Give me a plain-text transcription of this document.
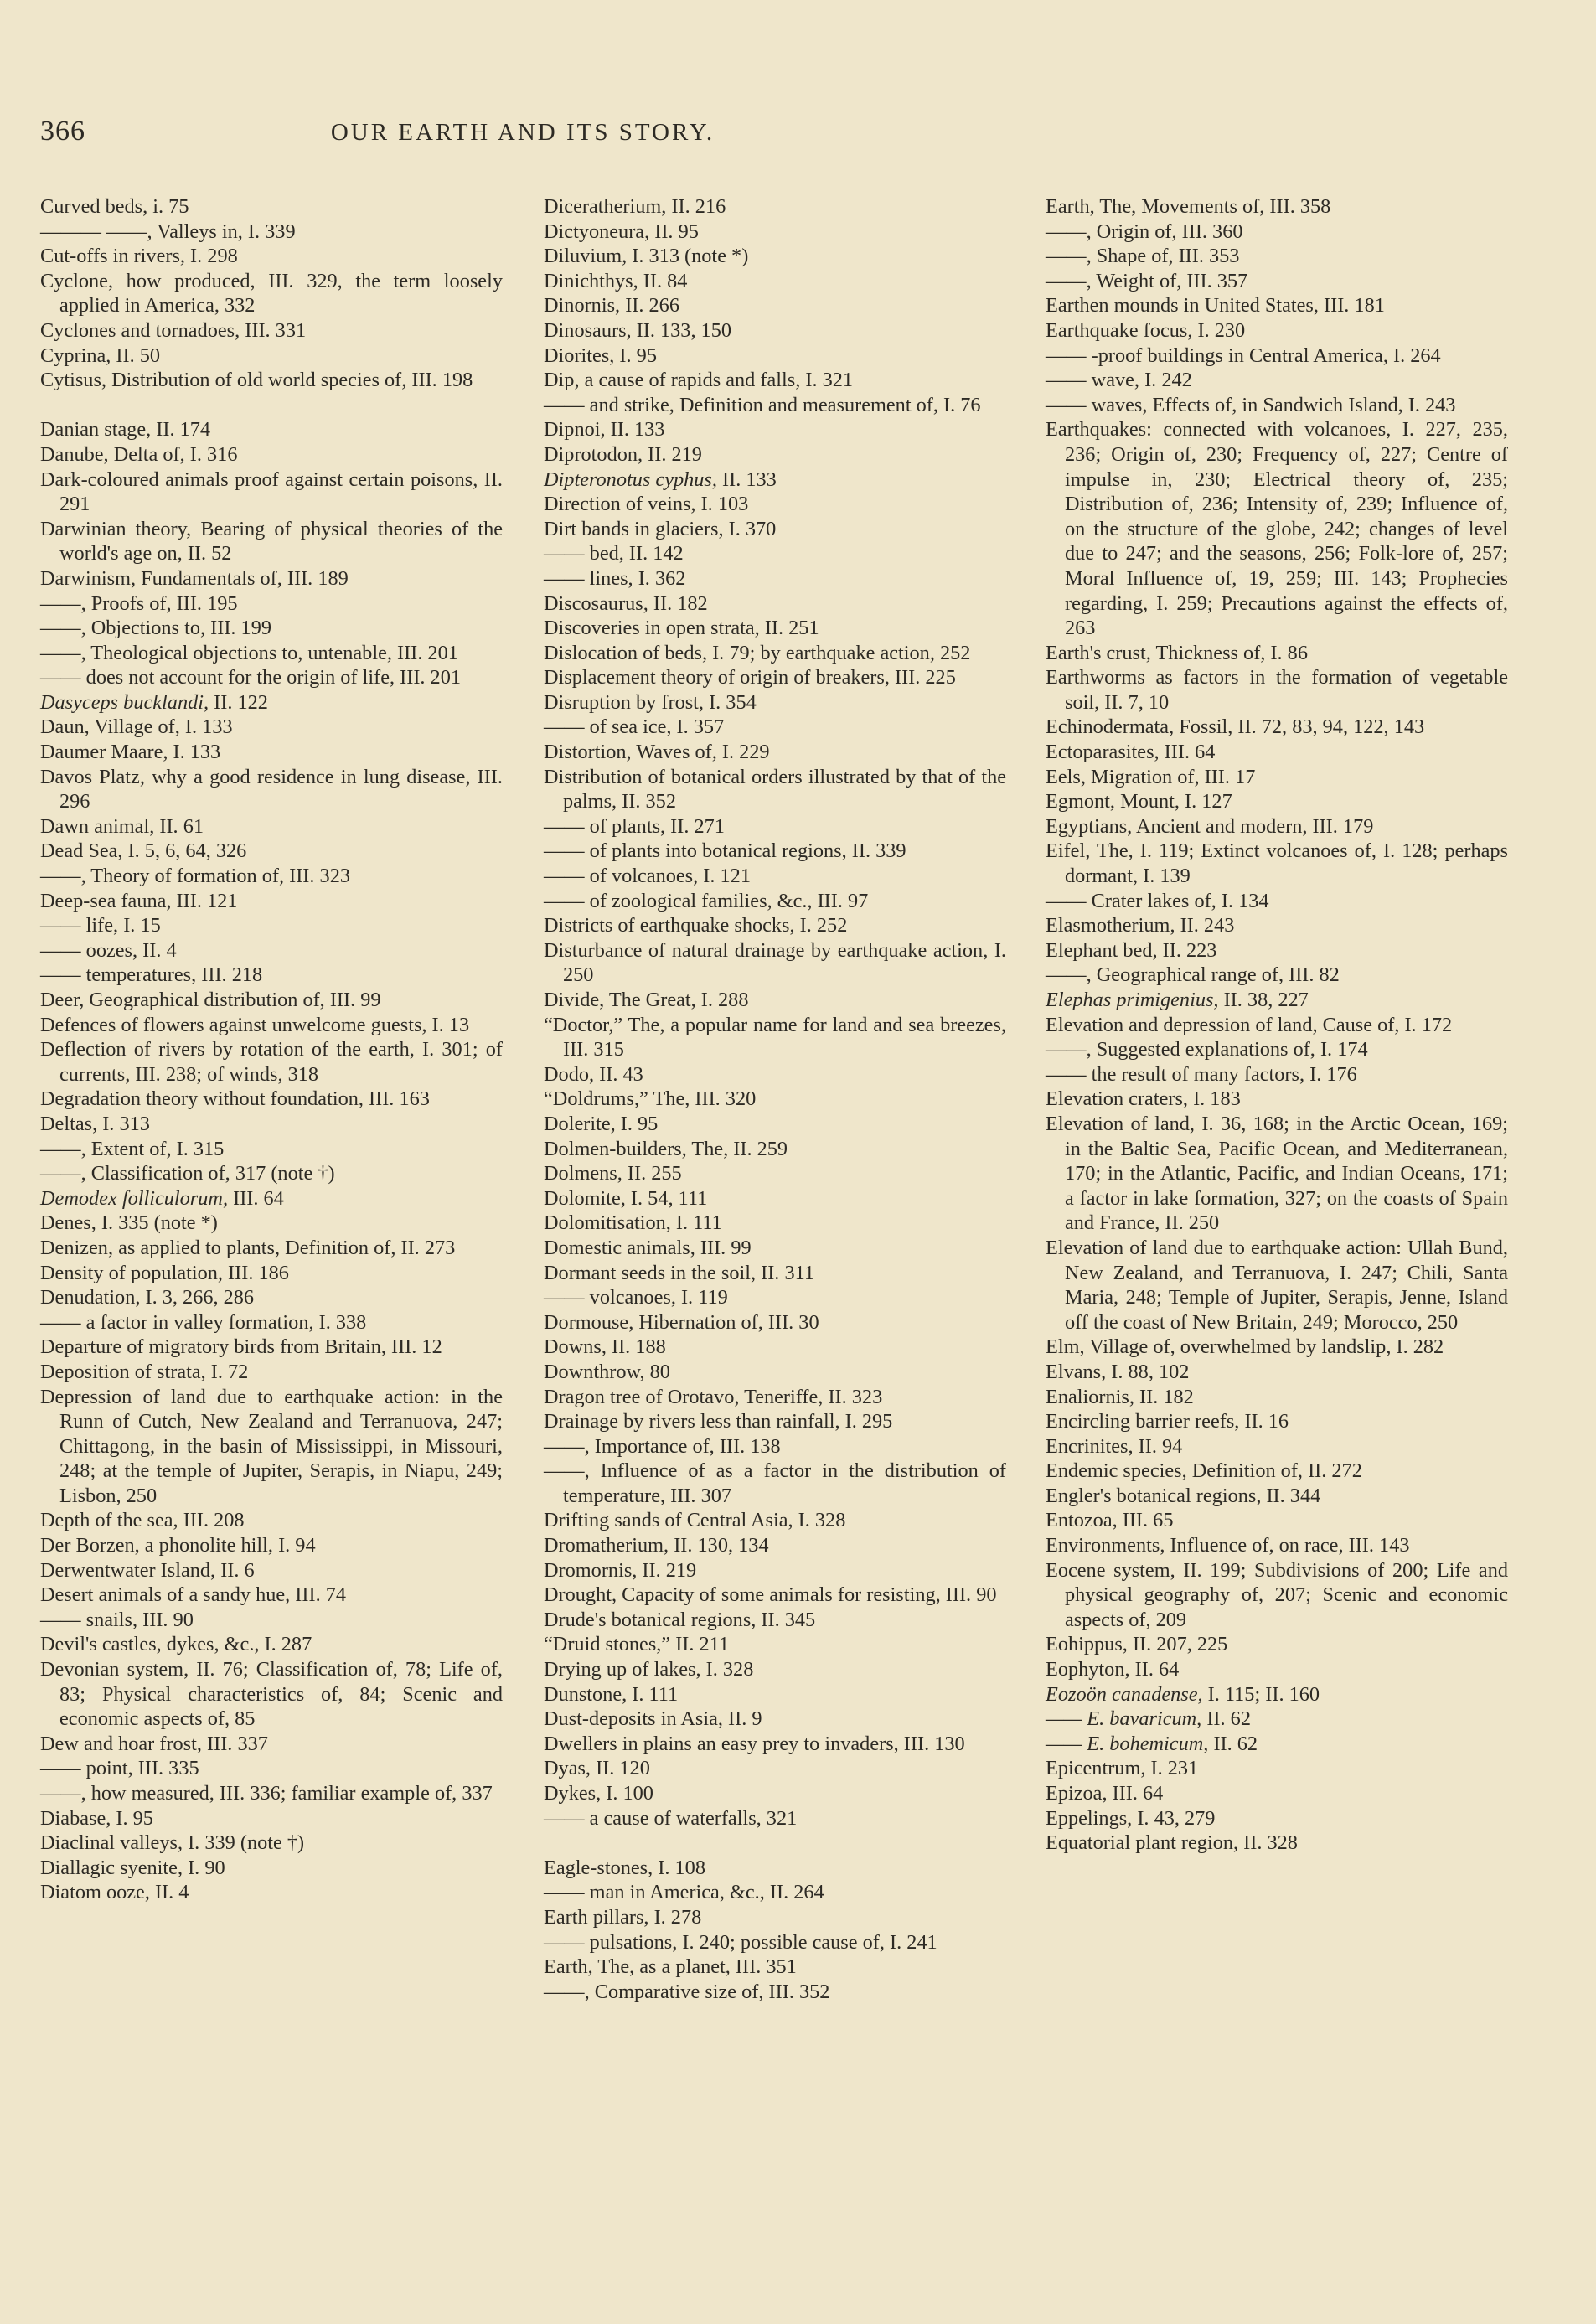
366	OUR EARTH AND ITS STORY.
Curved beds, i. 75
——— ——, Valleys in, I. 339
Cut-offs in rivers, I. 298
Cyclone, how produced, III. 329, the term loosely applied in America, 332
Cyclones and tornadoes, III. 331
Cyprina, II. 50
Cytisus, Distribution of old world species of, III. 198
Danian stage, II. 174
Danube, Delta of, I. 316
Dark-coloured animals proof against certain poisons, II. 291
Darwinian theory, Bearing of physical theories of the world's age on, II. 52
Darwinism, Fundamentals of, III. 189
——, Proofs of, III. 195
——, Objections to, III. 199
——, Theological objections to, untenable, III. 201
—— does not account for the origin of life, III. 201
Dasyceps bucklandi, II. 122
Daun, Village of, I. 133
Daumer Maare, I. 133
Davos Platz, why a good residence in lung disease, III. 296
Dawn animal, II. 61
Dead Sea, I. 5, 6, 64, 326
——, Theory of formation of, III. 323
Deep-sea fauna, III. 121
—— life, I. 15
—— oozes, II. 4
—— temperatures, III. 218
Deer, Geographical distribution of, III. 99
Defences of flowers against unwelcome guests, I. 13
Deflection of rivers by rotation of the earth, I. 301; of currents, III. 238; of winds, 318
Degradation theory without foundation, III. 163
Deltas, I. 313
——, Extent of, I. 315
——, Classification of, 317 (note †)
Demodex folliculorum, III. 64
Denes, I. 335 (note *)
Denizen, as applied to plants, Definition of, II. 273
Density of population, III. 186
Denudation, I. 3, 266, 286
—— a factor in valley formation, I. 338
Departure of migratory birds from Britain, III. 12
Deposition of strata, I. 72
Depression of land due to earthquake action: in the Runn of Cutch, New Zealand and Terranuova, 247; Chittagong, in the basin of Mississippi, in Missouri, 248; at the temple of Jupiter, Serapis, in Niapu, 249; Lisbon, 250
Depth of the sea, III. 208
Der Borzen, a phonolite hill, I. 94
Derwentwater Island, II. 6
Desert animals of a sandy hue, III. 74
—— snails, III. 90
Devil's castles, dykes, &c., I. 287
Devonian system, II. 76; Classification of, 78; Life of, 83; Physical characteristics of, 84; Scenic and economic aspects of, 85
Dew and hoar frost, III. 337
—— point, III. 335
——, how measured, III. 336; familiar example of, 337
Diabase, I. 95
Diaclinal valleys, I. 339 (note †)
Diallagic syenite, I. 90
Diatom ooze, II. 4
Diceratherium, II. 216
Dictyoneura, II. 95
Diluvium, I. 313 (note *)
Dinichthys, II. 84
Dinornis, II. 266
Dinosaurs, II. 133, 150
Diorites, I. 95
Dip, a cause of rapids and falls, I. 321
—— and strike, Definition and measurement of, I. 76
Dipnoi, II. 133
Diprotodon, II. 219
Dipteronotus cyphus, II. 133
Direction of veins, I. 103
Dirt bands in glaciers, I. 370
—— bed, II. 142
—— lines, I. 362
Discosaurus, II. 182
Discoveries in open strata, II. 251
Dislocation of beds, I. 79; by earthquake action, 252
Displacement theory of origin of breakers, III. 225
Disruption by frost, I. 354
—— of sea ice, I. 357
Distortion, Waves of, I. 229
Distribution of botanical orders illustrated by that of the palms, II. 352
—— of plants, II. 271
—— of plants into botanical regions, II. 339
—— of volcanoes, I. 121
—— of zoological families, &c., III. 97
Districts of earthquake shocks, I. 252
Disturbance of natural drainage by earthquake action, I. 250
Divide, The Great, I. 288
“Doctor,” The, a popular name for land and sea breezes, III. 315
Dodo, II. 43
“Doldrums,” The, III. 320
Dolerite, I. 95
Dolmen-builders, The, II. 259
Dolmens, II. 255
Dolomite, I. 54, 111
Dolomitisation, I. 111
Domestic animals, III. 99
Dormant seeds in the soil, II. 311
—— volcanoes, I. 119
Dormouse, Hibernation of, III. 30
Downs, II. 188
Downthrow, 80
Dragon tree of Orotavo, Teneriffe, II. 323
Drainage by rivers less than rainfall, I. 295
——, Importance of, III. 138
——, Influence of as a factor in the distribution of temperature, III. 307
Drifting sands of Central Asia, I. 328
Dromatherium, II. 130, 134
Dromornis, II. 219
Drought, Capacity of some animals for resisting, III. 90
Drude's botanical regions, II. 345
“Druid stones,” II. 211
Drying up of lakes, I. 328
Dunstone, I. 111
Dust-deposits in Asia, II. 9
Dwellers in plains an easy prey to invaders, III. 130
Dyas, II. 120
Dykes, I. 100
—— a cause of waterfalls, 321
Eagle-stones, I. 108
—— man in America, &c., II. 264
Earth pillars, I. 278
—— pulsations, I. 240; possible cause of, I. 241
Earth, The, as a planet, III. 351
——, Comparative size of, III. 352
Earth, The, Movements of, III. 358
——, Origin of, III. 360
——, Shape of, III. 353
——, Weight of, III. 357
Earthen mounds in United States, III. 181
Earthquake focus, I. 230
—— -proof buildings in Central America, I. 264
—— wave, I. 242
—— waves, Effects of, in Sandwich Island, I. 243
Earthquakes: connected with volcanoes, I. 227, 235, 236; Origin of, 230; Frequency of, 227; Centre of impulse in, 230; Electrical theory of, 235; Distribution of, 236; Intensity of, 239; Influence of, on the structure of the globe, 242; changes of level due to 247; and the seasons, 256; Folk-lore of, 257; Moral Influence of, 19, 259; III. 143; Prophecies regarding, I. 259; Precautions against the effects of, 263
Earth's crust, Thickness of, I. 86
Earthworms as factors in the formation of vegetable soil, II. 7, 10
Echinodermata, Fossil, II. 72, 83, 94, 122, 143
Ectoparasites, III. 64
Eels, Migration of, III. 17
Egmont, Mount, I. 127
Egyptians, Ancient and modern, III. 179
Eifel, The, I. 119; Extinct volcanoes of, I. 128; perhaps dormant, I. 139
—— Crater lakes of, I. 134
Elasmotherium, II. 243
Elephant bed, II. 223
——, Geographical range of, III. 82
Elephas primigenius, II. 38, 227
Elevation and depression of land, Cause of, I. 172
——, Suggested explanations of, I. 174
—— the result of many factors, I. 176
Elevation craters, I. 183
Elevation of land, I. 36, 168; in the Arctic Ocean, 169; in the Baltic Sea, Pacific Ocean, and Mediterranean, 170; in the Atlantic, Pacific, and Indian Oceans, 171; a factor in lake formation, 327; on the coasts of Spain and France, II. 250
Elevation of land due to earthquake action: Ullah Bund, New Zealand, and Terranuova, I. 247; Chili, Santa Maria, 248; Temple of Jupiter, Serapis, Jenne, Island off the coast of New Britain, 249; Morocco, 250
Elm, Village of, overwhelmed by landslip, I. 282
Elvans, I. 88, 102
Enaliornis, II. 182
Encircling barrier reefs, II. 16
Encrinites, II. 94
Endemic species, Definition of, II. 272
Engler's botanical regions, II. 344
Entozoa, III. 65
Environments, Influence of, on race, III. 143
Eocene system, II. 199; Subdivisions of 200; Life and physical geography of, 207; Scenic and economic aspects of, 209
Eohippus, II. 207, 225
Eophyton, II. 64
Eozoön canadense, I. 115; II. 160
—— E. bavaricum, II. 62
—— E. bohemicum, II. 62
Epicentrum, I. 231
Epizoa, III. 64
Eppelings, I. 43, 279
Equatorial plant region, II. 328
